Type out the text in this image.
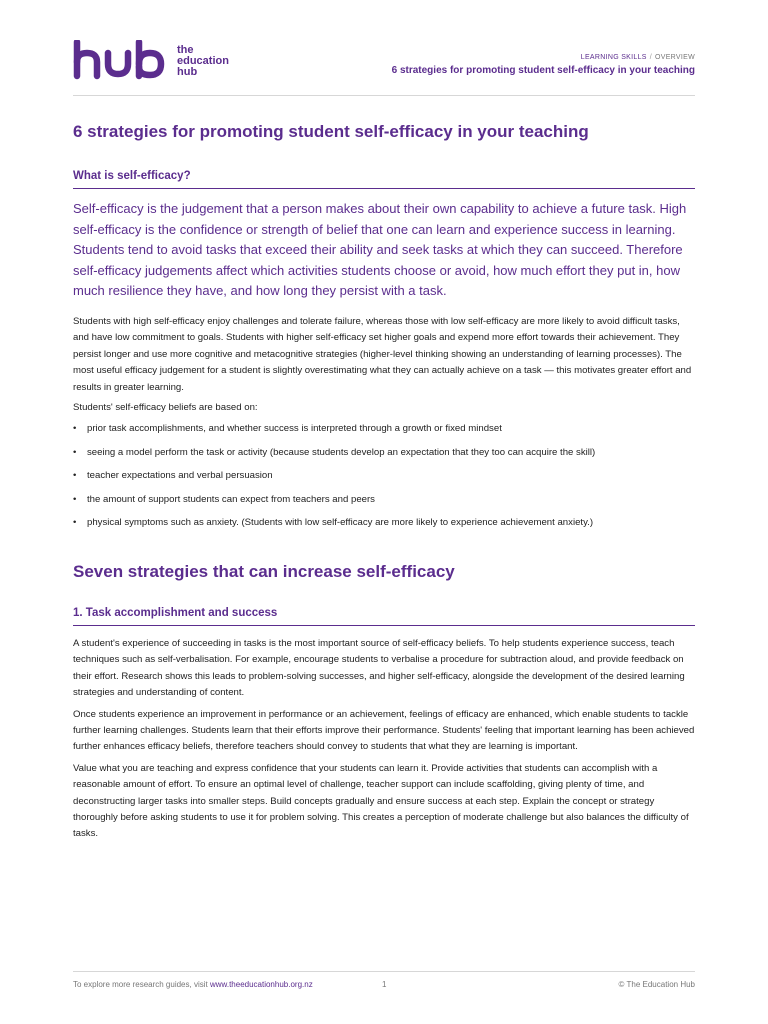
the
education
hub
LEARNING SKILLS / OVERVIEW
6 strategies for promoting student self-efficacy in your teaching
6 strategies for promoting student self-efficacy in your teaching
What is self-efficacy?

Self-efficacy is the judgement that a person makes about their own capability to achieve a future task. High self-efficacy is the confidence or strength of belief that one can learn and experience success in learning. Students tend to avoid tasks that exceed their ability and seek tasks at which they can succeed. Therefore self-efficacy judgements affect which activities students choose or avoid, how much effort they put in, how much resilience they have, and how long they persist with a task.

Students with high self-efficacy enjoy challenges and tolerate failure, whereas those with low self-efficacy are more likely to avoid difficult tasks, and have low commitment to goals. Students with higher self-efficacy set higher goals and expend more effort towards their achievement. They persist longer and use more cognitive and metacognitive strategies (higher-level thinking showing an understanding of learning processes). The most useful efficacy judgement for a student is slightly overestimating what they can actually achieve on a task — this motivates greater effort and results in greater learning.

Students' self-efficacy beliefs are based on:

• prior task accomplishments, and whether success is interpreted through a growth or fixed mindset
• seeing a model perform the task or activity (because students develop an expectation that they too can acquire the skill)
• teacher expectations and verbal persuasion
• the amount of support students can expect from teachers and peers
• physical symptoms such as anxiety. (Students with low self-efficacy are more likely to experience achievement anxiety.)
Seven strategies that can increase self-efficacy
1. Task accomplishment and success

A student's experience of succeeding in tasks is the most important source of self-efficacy beliefs. To help students experience success, teach techniques such as self-verbalisation. For example, encourage students to verbalise a procedure for subtraction aloud, and provide feedback on their effort. Research shows this leads to problem-solving successes, and higher self-efficacy, alongside the development of the desired learning strategies and understanding of content.

Once students experience an improvement in performance or an achievement, feelings of efficacy are enhanced, which enable students to tackle further learning challenges. Students learn that their efforts improve their performance. Students' feeling that important learning has been achieved further enhances efficacy beliefs, therefore teachers should convey to students that what they are learning is important.

Value what you are teaching and express confidence that your students can learn it. Provide activities that students can accomplish with a reasonable amount of effort. To ensure an optimal level of challenge, teacher support can include scaffolding, giving plenty of time, and deconstructing larger tasks into smaller steps. Build concepts gradually and ensure success at each step. Explain the concept or strategy thoroughly before asking students to use it for problem solving. This creates a perception of moderate challenge but also balances the difficulty of tasks.

To explore more research guides, visit www.theeducationhub.org.nz	1	© The Education Hub
